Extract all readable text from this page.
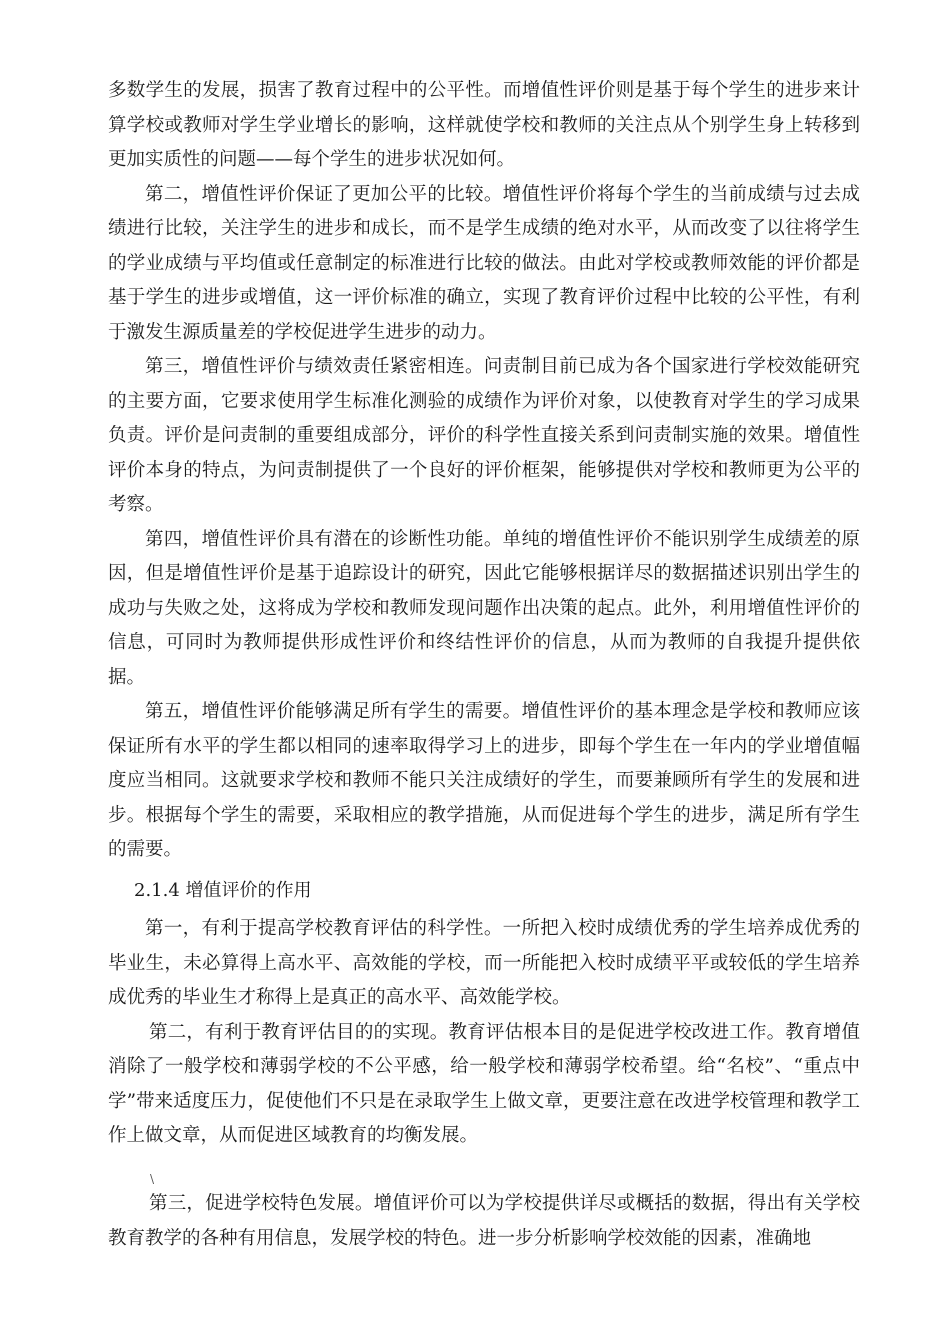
多数学生的发展，损害了教育过程中的公平性。而增值性评价则是基于每个学生的进步来计算学校或教师对学生学业增长的影响，这样就使学校和教师的关注点从个别学生身上转移到更加实质性的问题——每个学生的进步状况如何。

第二，增值性评价保证了更加公平的比较。增值性评价将每个学生的当前成绩与过去成绩进行比较，关注学生的进步和成长，而不是学生成绩的绝对水平，从而改变了以往将学生的学业成绩与平均值或任意制定的标准进行比较的做法。由此对学校或教师效能的评价都是基于学生的进步或增值，这一评价标准的确立，实现了教育评价过程中比较的公平性，有利于激发生源质量差的学校促进学生进步的动力。

第三，增值性评价与绩效责任紧密相连。问责制目前已成为各个国家进行学校效能研究的主要方面，它要求使用学生标准化测验的成绩作为评价对象，以使教育对学生的学习成果负责。评价是问责制的重要组成部分，评价的科学性直接关系到问责制实施的效果。增值性评价本身的特点，为问责制提供了一个良好的评价框架，能够提供对学校和教师更为公平的考察。

第四，增值性评价具有潜在的诊断性功能。单纯的增值性评价不能识别学生成绩差的原因，但是增值性评价是基于追踪设计的研究，因此它能够根据详尽的数据描述识别出学生的成功与失败之处，这将成为学校和教师发现问题作出决策的起点。此外，利用增值性评价的信息，可同时为教师提供形成性评价和终结性评价的信息，从而为教师的自我提升提供依据。

第五，增值性评价能够满足所有学生的需要。增值性评价的基本理念是学校和教师应该保证所有水平的学生都以相同的速率取得学习上的进步，即每个学生在一年内的学业增值幅度应当相同。这就要求学校和教师不能只关注成绩好的学生，而要兼顾所有学生的发展和进步。根据每个学生的需要，采取相应的教学措施，从而促进每个学生的进步，满足所有学生的需要。

2.1.4 增值评价的作用

第一，有利于提高学校教育评估的科学性。一所把入校时成绩优秀的学生培养成优秀的毕业生，未必算得上高水平、高效能的学校，而一所能把入校时成绩平平或较低的学生培养成优秀的毕业生才称得上是真正的高水平、高效能学校。

第二，有利于教育评估目的的实现。教育评估根本目的是促进学校改进工作。教育增值消除了一般学校和薄弱学校的不公平感，给一般学校和薄弱学校希望。给“名校”、“重点中学”带来适度压力，促使他们不只是在录取学生上做文章，更要注意在改进学校管理和教学工作上做文章，从而促进区域教育的均衡发展。

\

第三，促进学校特色发展。增值评价可以为学校提供详尽或概括的数据，得出有关学校教育教学的各种有用信息，发展学校的特色。进一步分析影响学校效能的因素，准确地
